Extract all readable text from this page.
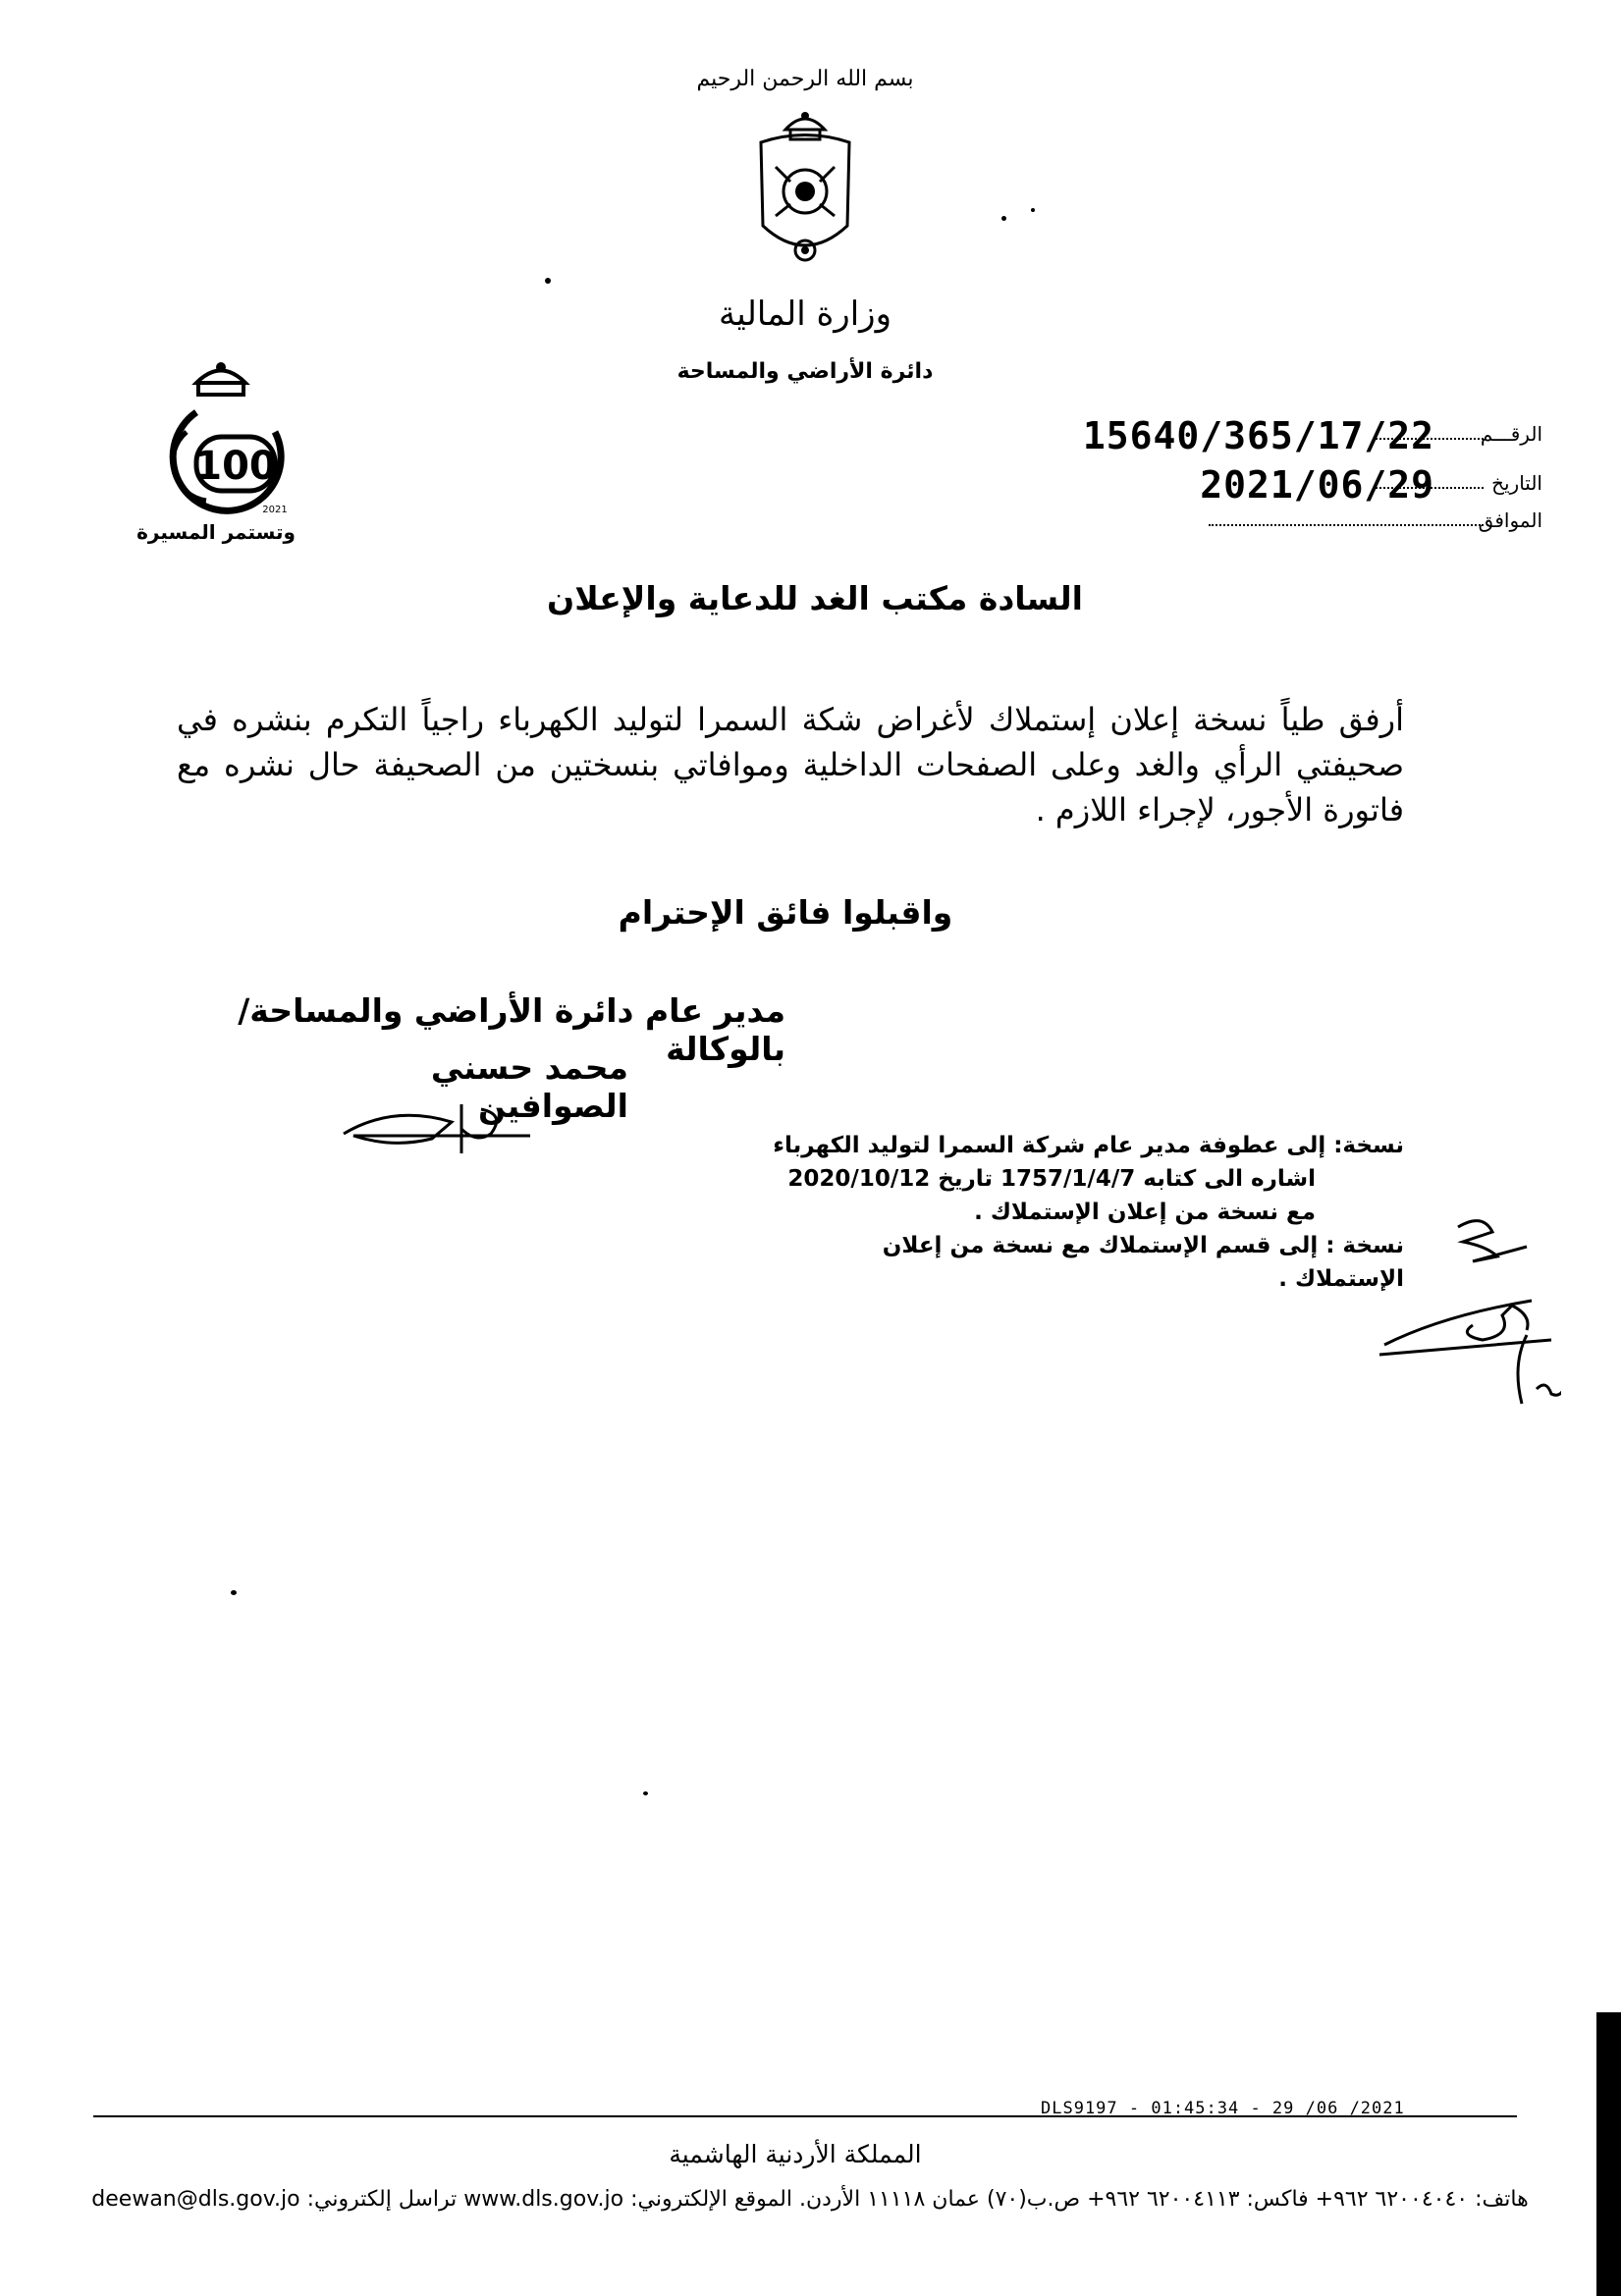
بسم الله الرحمن الرحيم
وزارة المالية
دائرة الأراضي والمساحة
100
2021
وتستمر المسيرة
الرقـــم
15640/365/17/22
التاريخ
2021/06/29
الموافق
السادة مكتب الغد للدعاية والإعلان
أرفق طياً نسخة إعلان إستملاك لأغراض شكة السمرا لتوليد الكهرباء راجياً التكرم بنشره في صحيفتي الرأي والغد وعلى الصفحات الداخلية وموافاتي بنسختين من الصحيفة حال نشره مع فاتورة الأجور، لإجراء اللازم .
واقبلوا فائق الإحترام
مدير عام دائرة الأراضي والمساحة/بالوكالة
محمد حسني الصوافين
نسخة: إلى عطوفة مدير عام شركة السمرا لتوليد الكهرباء
اشاره الى كتابه 1757/1/4/7 تاريخ 2020/10/12
مع نسخة من إعلان الإستملاك .
نسخة : إلى قسم الإستملاك مع نسخة من إعلان الإستملاك .
DLS9197 - 01:45:34 - 29 /06 /2021
المملكة الأردنية الهاشمية
هاتف: ٦٢٠٠٤٠٤٠ ٩٦٢+ فاكس: ٦٢٠٠٤١١٣ ٩٦٢+ ص.ب(٧٠) عمان ١١١١٨ الأردن. الموقع الإلكتروني: www.dls.gov.jo تراسل إلكتروني: deewan@dls.gov.jo
